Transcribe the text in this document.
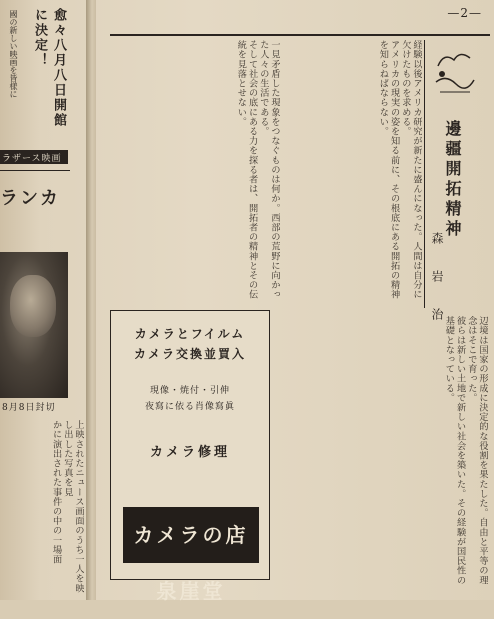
—2—
邊疆開拓精神
森 岩 治

経験以後アメリカ研究が新たに盛んになった。人間は自分に欠けたものを求める。

アメリカの現実の姿を知る前に、その根底にある開拓の精神を知らねばならない。

一見矛盾した現象をつなぐものは何か。西部の荒野に向かった人々の生活である。

そして社会の底にある力を探る者は、開拓者の精神とその伝統を見落とせない。

辺境は国家の形成に決定的な役割を果たした。自由と平等の理念はそこで育った。

彼らは新しい土地で新しい社会を築いた。その経験が国民性の基礎となっている。

カメラとフイルム
カメラ交換並買入
現像・焼付・引伸
夜寫に依る肖像寫眞
カメラ修理
カメラの店 泉崖堂
愈々八月八日開館に決定！
國の新しい映画を皆様に
ラザース映画
ランカ
8月8日封切

上映されたニュース画面のうち一人を映し出した写真を見

かに演出された事件の中の一場面
